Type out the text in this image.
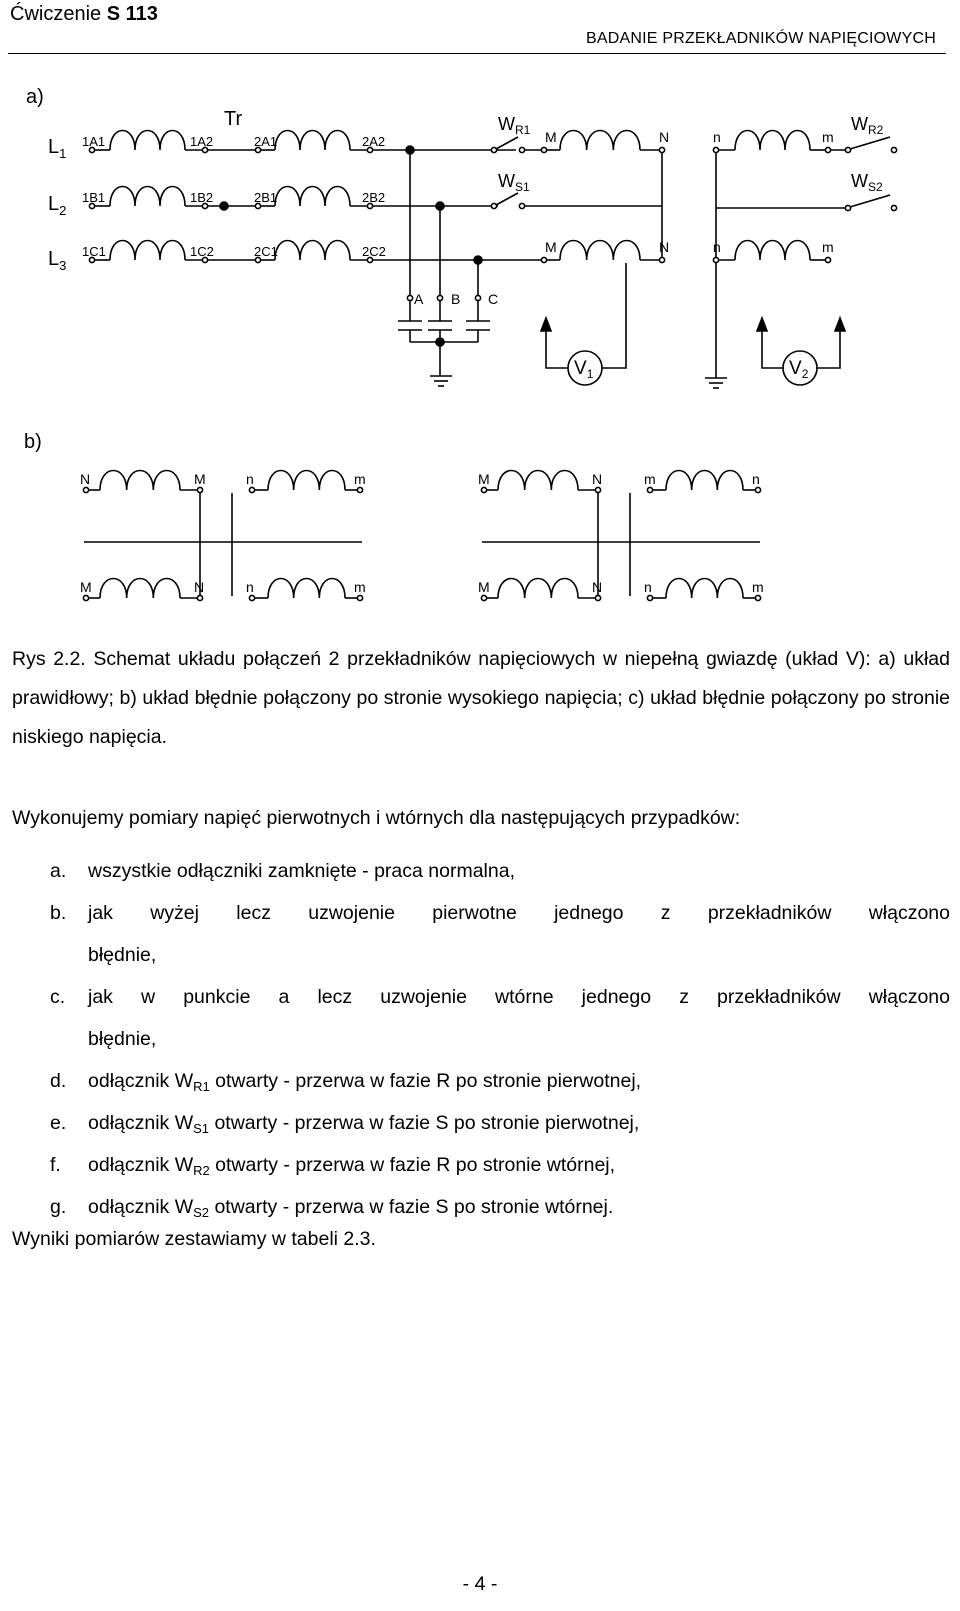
Ćwiczenie S 113
BADANIE PRZEKŁADNIKÓW NAPIĘCIOWYCH
a)
Tr
$L_1$
$L_2$
$L_3$
1A1	1A2	2A1	2A2
1B1	1B2	2B1	2B2
1C1	1C2	2C1	2C2
$W_{R1}$
$W_{S1}$
$W_{R2}$
$W_{S2}$
M	N	n	m
M	N	n	m
A B C
$V_1$	$V_2$
b)
N	M	n	m
M	N	n	m
M	N	m	n
M	N	n	m
Rys 2.2. Schemat układu połączeń 2 przekładników napięciowych w niepełną gwiazdę (układ V): a) układ prawidłowy; b) układ błędnie połączony po stronie wysokiego napięcia; c) układ błędnie połączony po stronie niskiego napięcia.
Wykonujemy pomiary napięć pierwotnych i wtórnych dla następujących przypadków:
a. wszystkie odłączniki zamknięte - praca normalna,
b. jak wyżej lecz uzwojenie pierwotne jednego z przekładników włączono
błędnie,
c. jak w punkcie a lecz uzwojenie wtórne jednego z przekładników włączono
błędnie,
d. odłącznik $W_{R1}$ otwarty - przerwa w fazie R po stronie pierwotnej,
e. odłącznik $W_{S1}$ otwarty - przerwa w fazie S po stronie pierwotnej,
f. odłącznik $W_{R2}$ otwarty - przerwa w fazie R po stronie wtórnej,
g. odłącznik $W_{S2}$ otwarty - przerwa w fazie S po stronie wtórnej.
Wyniki pomiarów zestawiamy w tabeli 2.3.
- 4 -
